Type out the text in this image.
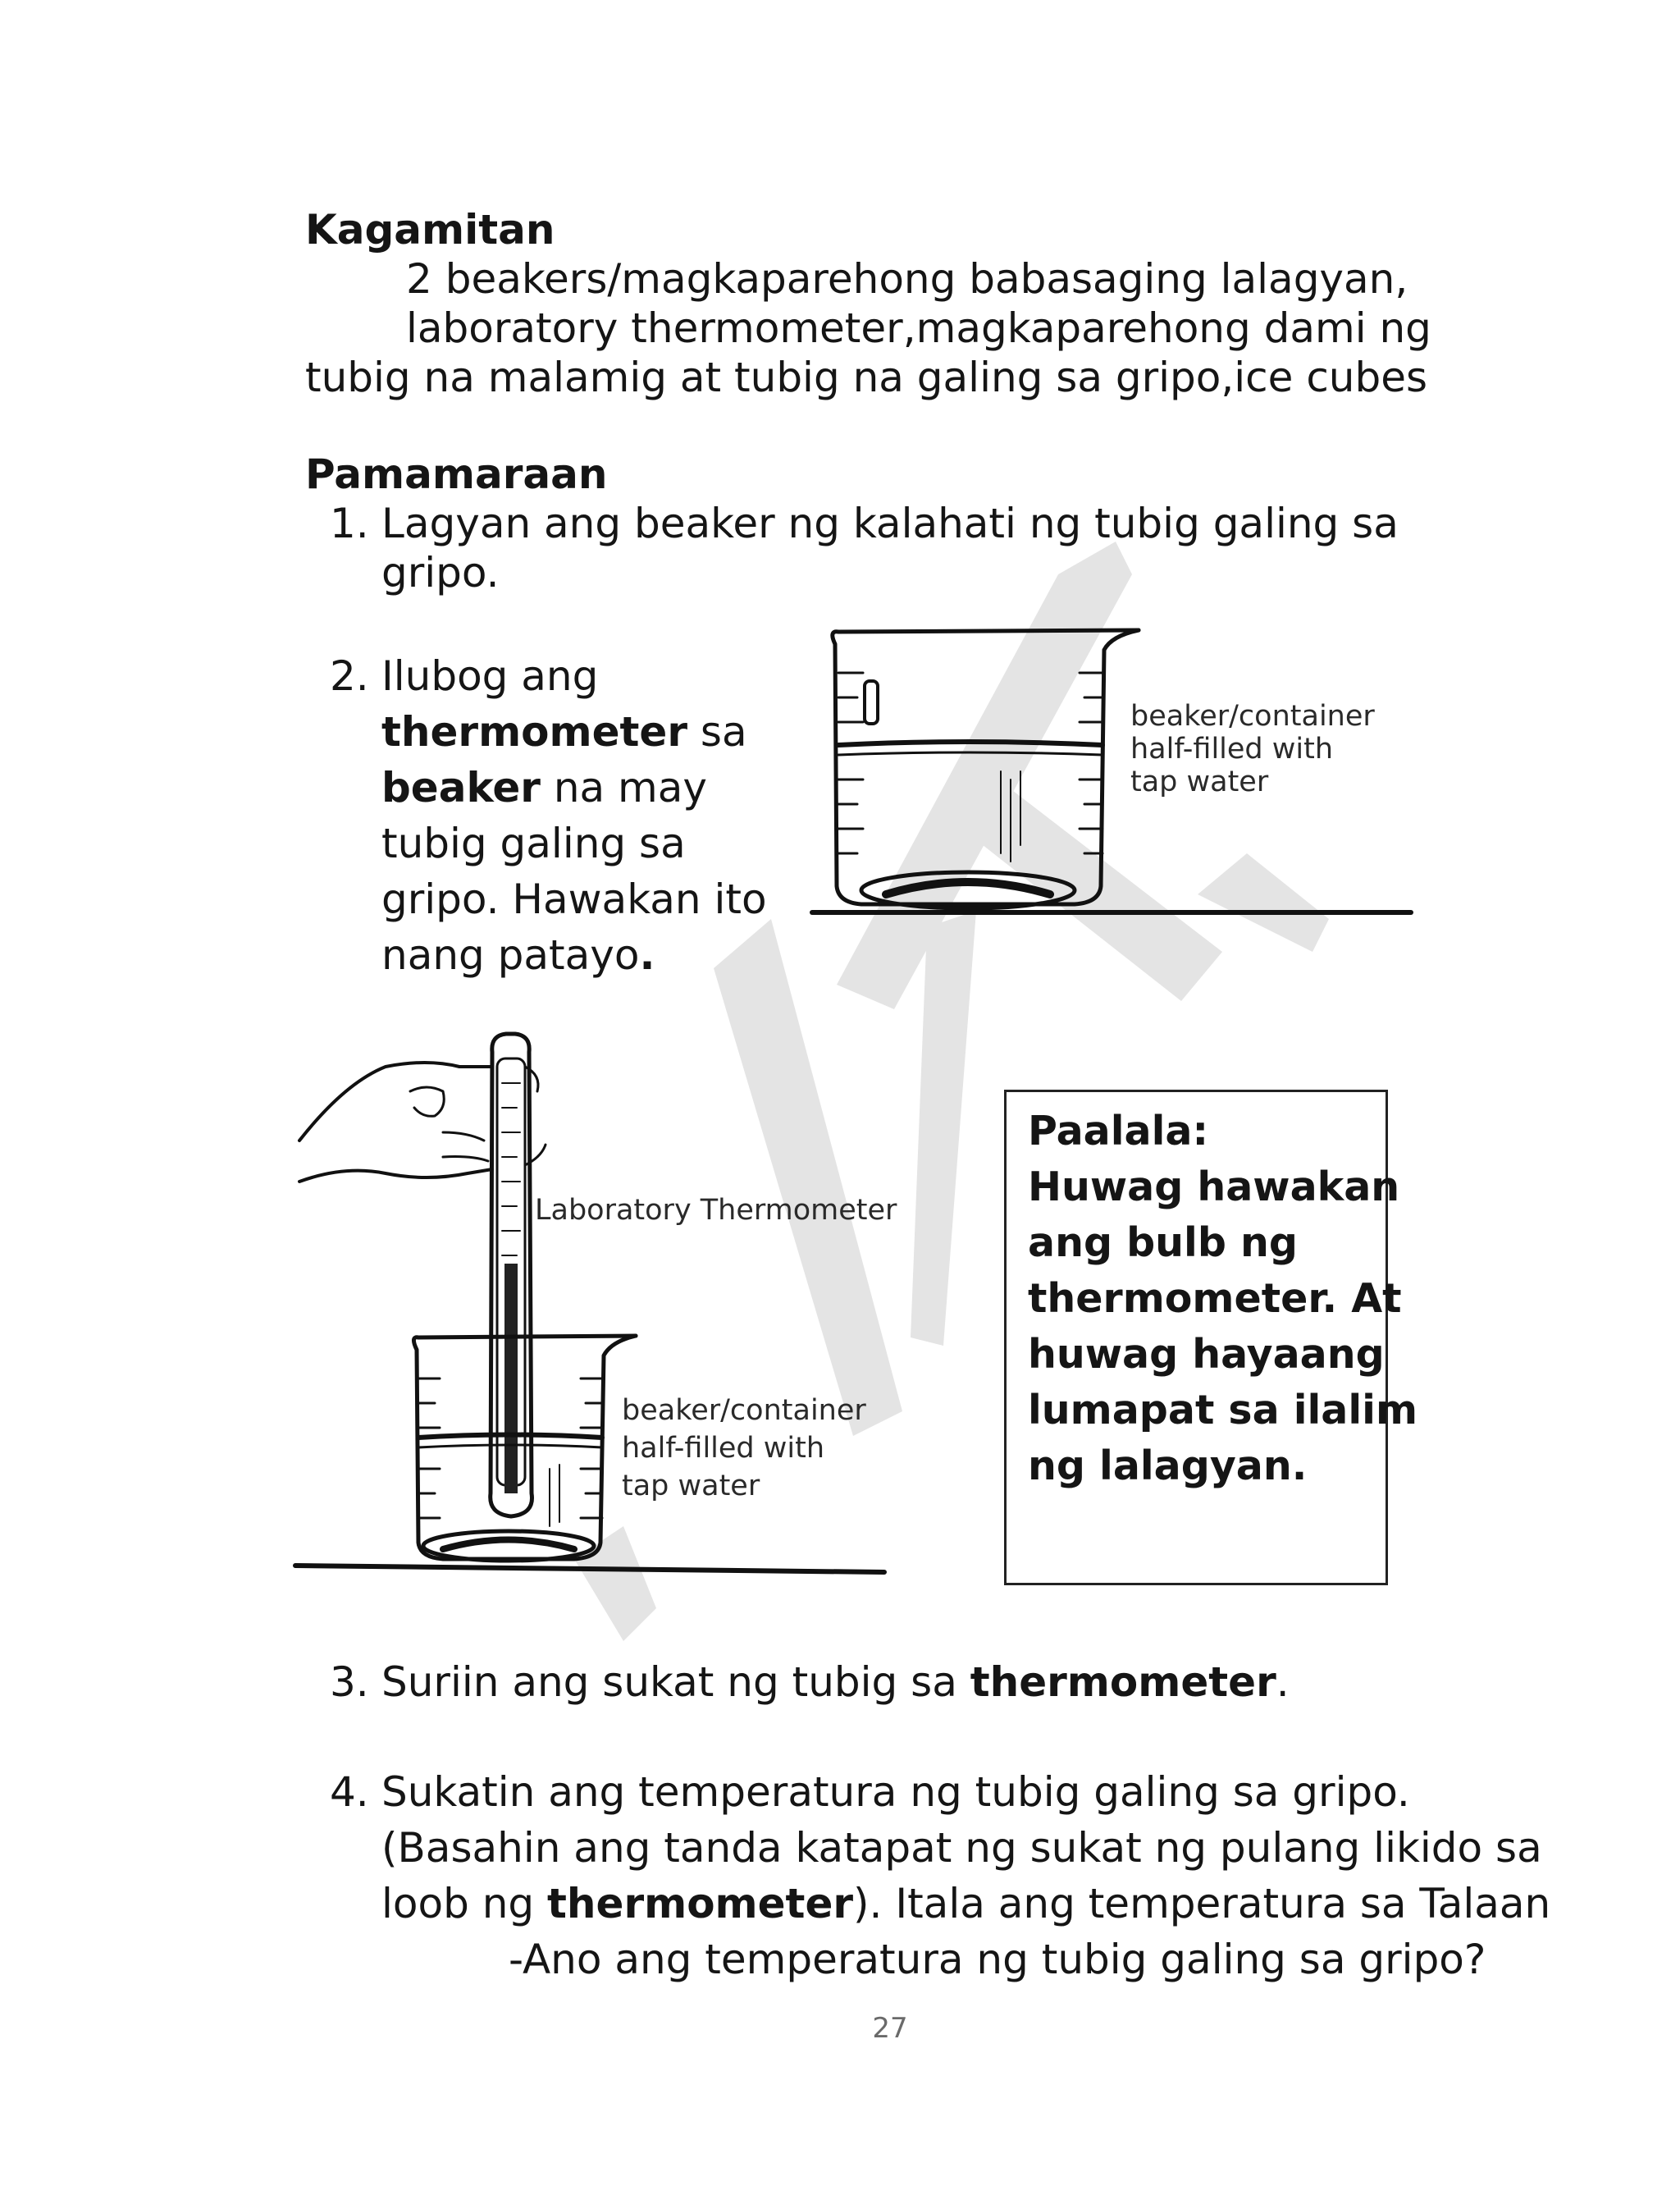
Kagamitan
2 beakers/magkaparehong babasaging lalagyan,
laboratory thermometer,magkaparehong dami ng
tubig na malamig at tubig na galing sa gripo,ice cubes
Pamamaraan
1. Lagyan ang beaker ng kalahati ng tubig galing sa
gripo.
2. Ilubog ang
thermometer sa
beaker na may
tubig galing sa
gripo. Hawakan ito
nang patayo.
beaker/container
half-filled with
tap water
Laboratory Thermometer
beaker/container
half-filled with
tap water
Paalala:
Huwag hawakan
ang bulb ng
thermometer. At
huwag hayaang
lumapat sa ilalim
ng lalagyan.
3. Suriin ang sukat ng tubig sa thermometer.
4. Sukatin ang temperatura ng tubig galing sa gripo.
(Basahin ang tanda katapat ng sukat ng pulang likido sa
loob ng thermometer). Itala ang temperatura sa Talaan
-Ano ang temperatura ng tubig galing sa gripo?
27
